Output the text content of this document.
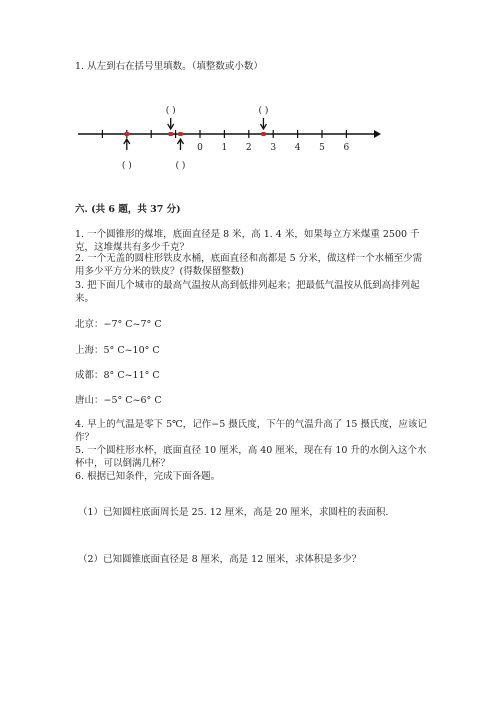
1. 从左到右在括号里填数。（填整数或小数）
0 1 2 3 4 5 6
( )
( )
( )
( )
六. (共 6 题，共 37 分)
1. 一个圆锥形的煤堆，底面直径是 8 米，高 1. 4 米，如果每立方米煤重 2500 千克，这堆煤共有多少千克？
2. 一个无盖的圆柱形铁皮水桶，底面直径和高都是 5 分米，做这样一个水桶至少需用多少平方分米的铁皮？(得数保留整数)
3. 把下面几个城市的最高气温按从高到低排列起来；把最低气温按从低到高排列起来。
北京：−7° C~7° C
上海：5° C~10° C
成都：8° C~11° C
唐山：−5° C~6° C
4. 早上的气温是零下 5℃，记作−5 摄氏度，下午的气温升高了 15 摄氏度，应该记作？
5. 一个圆柱形水杯，底面直径 10 厘米，高 40 厘米，现在有 10 升的水倒入这个水杯中，可以倒满几杯？
6. 根据已知条件，完成下面各题。
（1）已知圆柱底面周长是 25. 12 厘米，高是 20 厘米，求圆柱的表面积.
（2）已知圆锥底面直径是 8 厘米，高是 12 厘米，求体积是多少？
